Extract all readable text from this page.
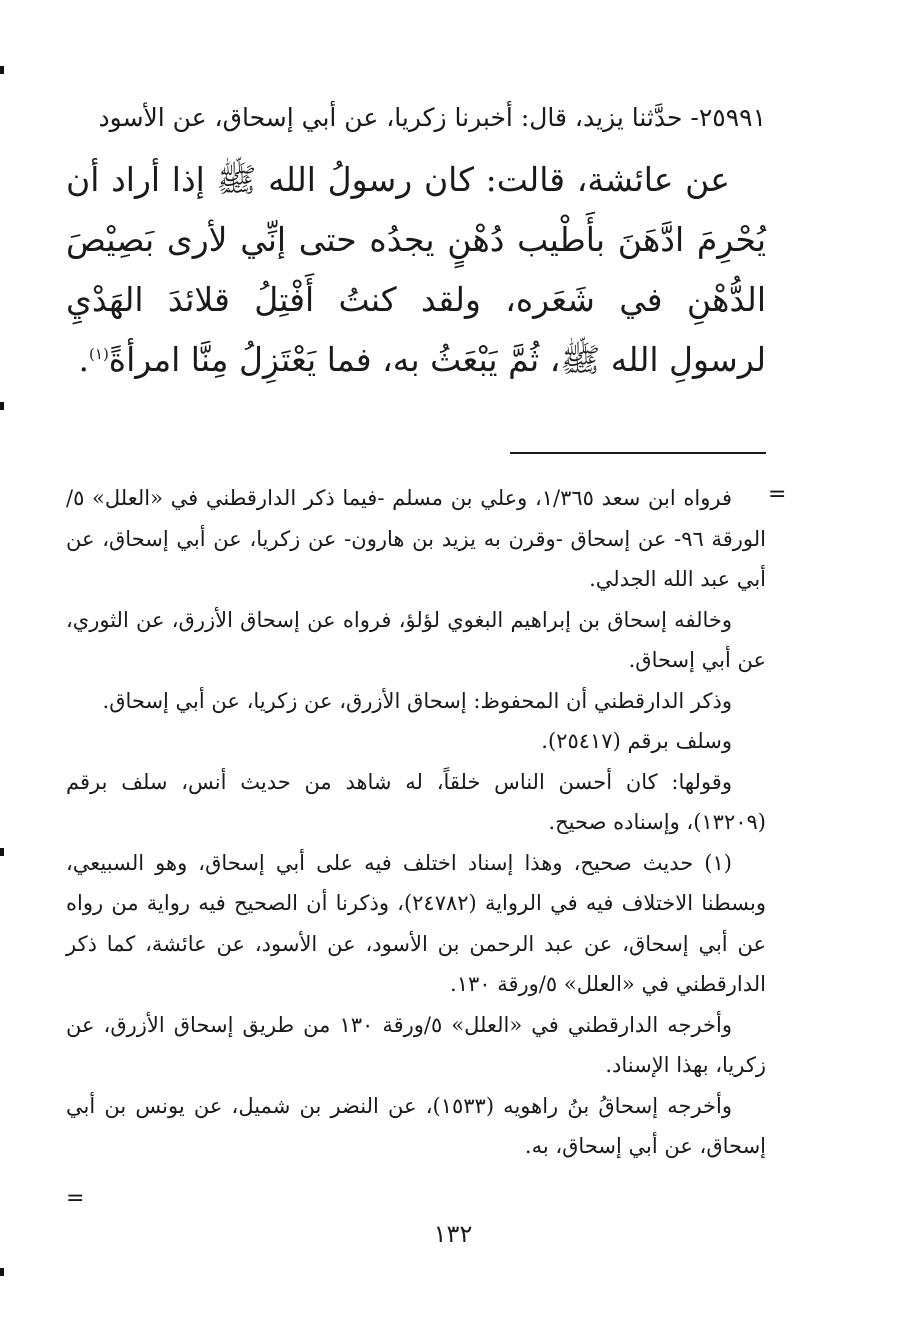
٢٥٩٩١- حدَّثنا يزيد، قال: أخبرنا زكريا، عن أبي إسحاق، عن الأسود

عن عائشة، قالت: كان رسولُ الله ﷺ إذا أراد أن يُحْرِمَ ادَّهَنَ بأَطْيب دُهْنٍ يجدُه حتى إنِّي لأرى بَصِيْصَ الدُّهْنِ في شَعَره، ولقد كنتُ أَفْتِلُ قلائدَ الهَدْيِ لرسولِ الله ﷺ، ثُمَّ يَبْعَثُ به، فما يَعْتَزِلُ مِنَّا امرأةً$^{(١)}$.

=

فرواه ابن سعد ١/٣٦٥، وعلي بن مسلم -فيما ذكر الدارقطني في «العلل» ٥/الورقة ٩٦- عن إسحاق -وقرن به يزيد بن هارون- عن زكريا، عن أبي إسحاق، عن أبي عبد الله الجدلي.

وخالفه إسحاق بن إبراهيم البغوي لؤلؤ، فرواه عن إسحاق الأزرق، عن الثوري، عن أبي إسحاق.

وذكر الدارقطني أن المحفوظ: إسحاق الأزرق، عن زكريا، عن أبي إسحاق.

وسلف برقم (٢٥٤١٧).

وقولها: كان أحسن الناس خلقاً، له شاهد من حديث أنس، سلف برقم (١٣٢٠٩)، وإسناده صحيح.

(١) حديث صحيح، وهذا إسناد اختلف فيه على أبي إسحاق، وهو السبيعي، وبسطنا الاختلاف فيه في الرواية (٢٤٧٨٢)، وذكرنا أن الصحيح فيه رواية من رواه عن أبي إسحاق، عن عبد الرحمن بن الأسود، عن الأسود، عن عائشة، كما ذكر الدارقطني في «العلل» ٥/ورقة ١٣٠.

وأخرجه الدارقطني في «العلل» ٥/ورقة ١٣٠ من طريق إسحاق الأزرق، عن زكريا، بهذا الإسناد.

وأخرجه إسحاقُ بنُ راهويه (١٥٣٣)، عن النضر بن شميل، عن يونس بن أبي إسحاق، عن أبي إسحاق، به.

=
١٣٢
